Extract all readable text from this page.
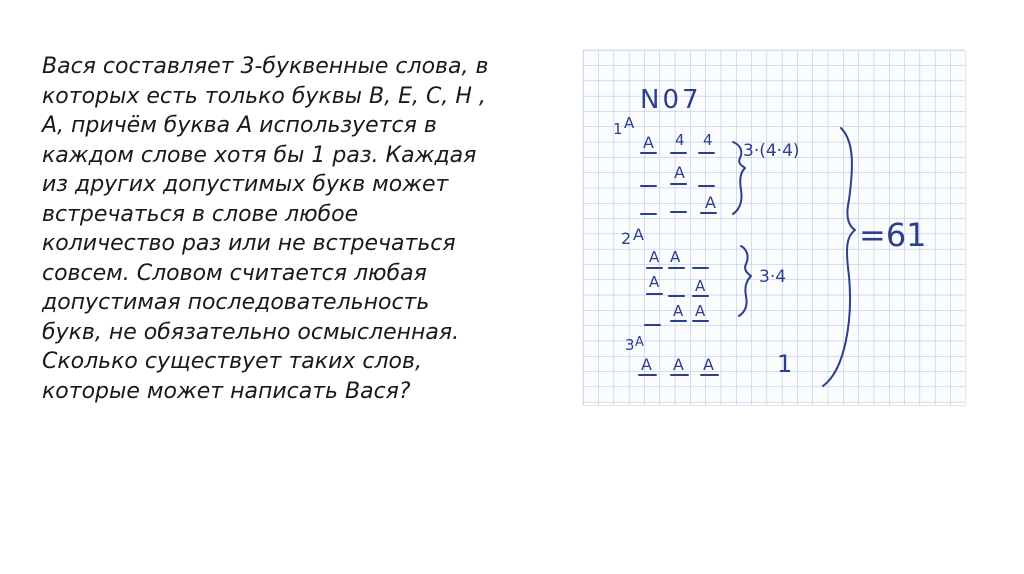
Вася составляет 3-буквенные слова, в
которых есть только буквы В, Е, С, Н ,
А, причём буква А используется в
каждом слове хотя бы 1 раз. Каждая
из других допустимых букв может
встречаться в слове любое
количество раз или не встречаться
совсем. Словом считается любая
допустимая последовательность
букв, не обязательно осмысленная.
Сколько существует таких слов,
которые может написать Вася?
N07
1 A
A 4 4
A
A
3·(4·4)
2 A
A A
A A
A A
3·4
3 A
A A A	1
=61
